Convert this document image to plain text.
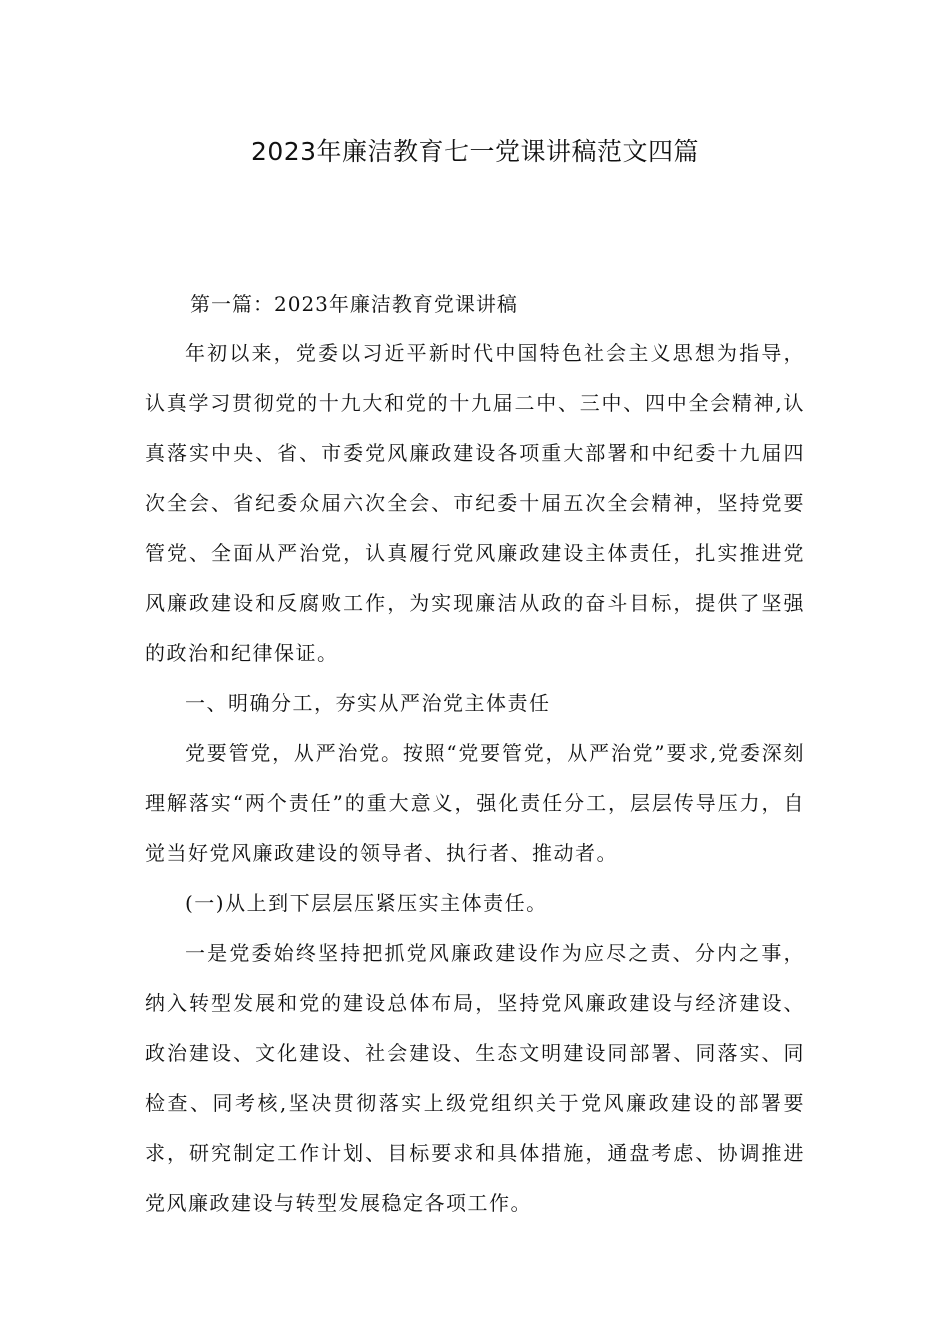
2023年廉洁教育七一党课讲稿范文四篇
第一篇：2023年廉洁教育党课讲稿

年初以来，党委以习近平新时代中国特色社会主义思想为指导，认真学习贯彻党的十九大和党的十九届二中、三中、四中全会精神,认真落实中央、省、市委党风廉政建设各项重大部署和中纪委十九届四次全会、省纪委众届六次全会、市纪委十届五次全会精神，坚持党要管党、全面从严治党，认真履行党风廉政建设主体责任，扎实推进党风廉政建设和反腐败工作，为实现廉洁从政的奋斗目标，提供了坚强的政治和纪律保证。

一、明确分工，夯实从严治党主体责任

党要管党，从严治党。按照“党要管党，从严治党”要求,党委深刻理解落实“两个责任”的重大意义，强化责任分工，层层传导压力，自觉当好党风廉政建设的领导者、执行者、推动者。

(一)从上到下层层压紧压实主体责任。

一是党委始终坚持把抓党风廉政建设作为应尽之责、分内之事，纳入转型发展和党的建设总体布局，坚持党风廉政建设与经济建设、政治建设、文化建设、社会建设、生态文明建设同部署、同落实、同检查、同考核,坚决贯彻落实上级党组织关于党风廉政建设的部署要求，研究制定工作计划、目标要求和具体措施，通盘考虑、协调推进党风廉政建设与转型发展稳定各项工作。
